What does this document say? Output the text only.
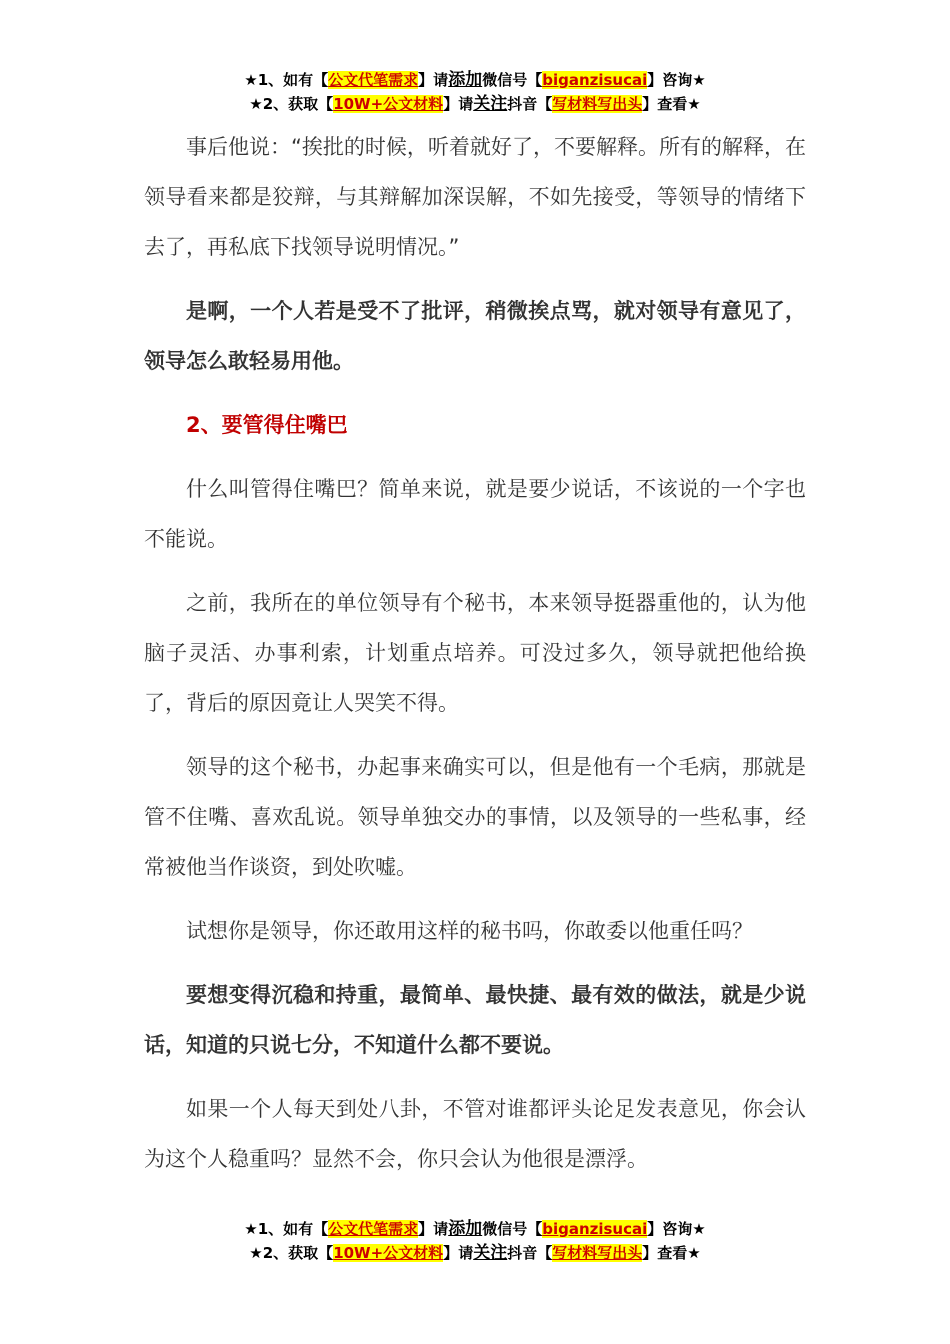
★1、如有【公文代笔需求】请添加微信号【biganzisucai】咨询★
★2、获取【10W+公文材料】请关注抖音【写材料写出头】查看★

事后他说：“挨批的时候，听着就好了，不要解释。所有的解释，在领导看来都是狡辩，与其辩解加深误解，不如先接受，等领导的情绪下去了，再私底下找领导说明情况。”

是啊，一个人若是受不了批评，稍微挨点骂，就对领导有意见了，领导怎么敢轻易用他。

2、要管得住嘴巴

什么叫管得住嘴巴？简单来说，就是要少说话，不该说的一个字也不能说。

之前，我所在的单位领导有个秘书，本来领导挺器重他的，认为他脑子灵活、办事利索，计划重点培养。可没过多久，领导就把他给换了，背后的原因竟让人哭笑不得。

领导的这个秘书，办起事来确实可以，但是他有一个毛病，那就是管不住嘴、喜欢乱说。领导单独交办的事情，以及领导的一些私事，经常被他当作谈资，到处吹嘘。

试想你是领导，你还敢用这样的秘书吗，你敢委以他重任吗？

要想变得沉稳和持重，最简单、最快捷、最有效的做法，就是少说话，知道的只说七分，不知道什么都不要说。

如果一个人每天到处八卦，不管对谁都评头论足发表意见，你会认为这个人稳重吗？显然不会，你只会认为他很是漂浮。

★1、如有【公文代笔需求】请添加微信号【biganzisucai】咨询★
★2、获取【10W+公文材料】请关注抖音【写材料写出头】查看★
